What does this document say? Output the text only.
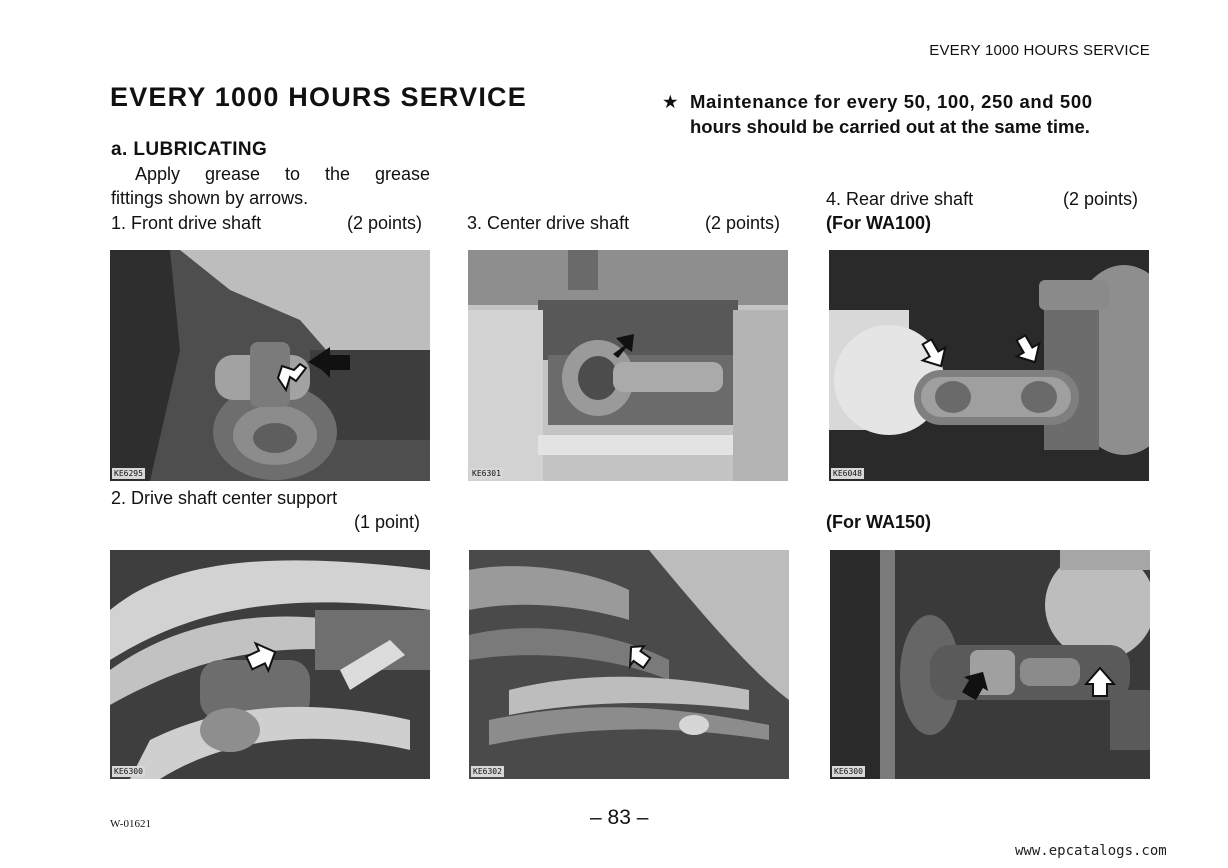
EVERY 1000 HOURS SERVICE
EVERY 1000 HOURS SERVICE	★ Maintenance for every 50, 100, 250 and 500
hours should be carried out at the same time.
a. LUBRICATING
Apply grease to the grease
fittings shown by arrows.
1. Front drive shaft	(2 points) 3. Center drive shaft	(2 points)
4. Rear drive shaft	(2 points)
(For WA100)
KE6295	KE6301	KE6048
2. Drive shaft center support
(1 point)	(For WA150)
KE6300	KE6302	KE6300
W-01621	– 83 –
www.epcatalogs.com
